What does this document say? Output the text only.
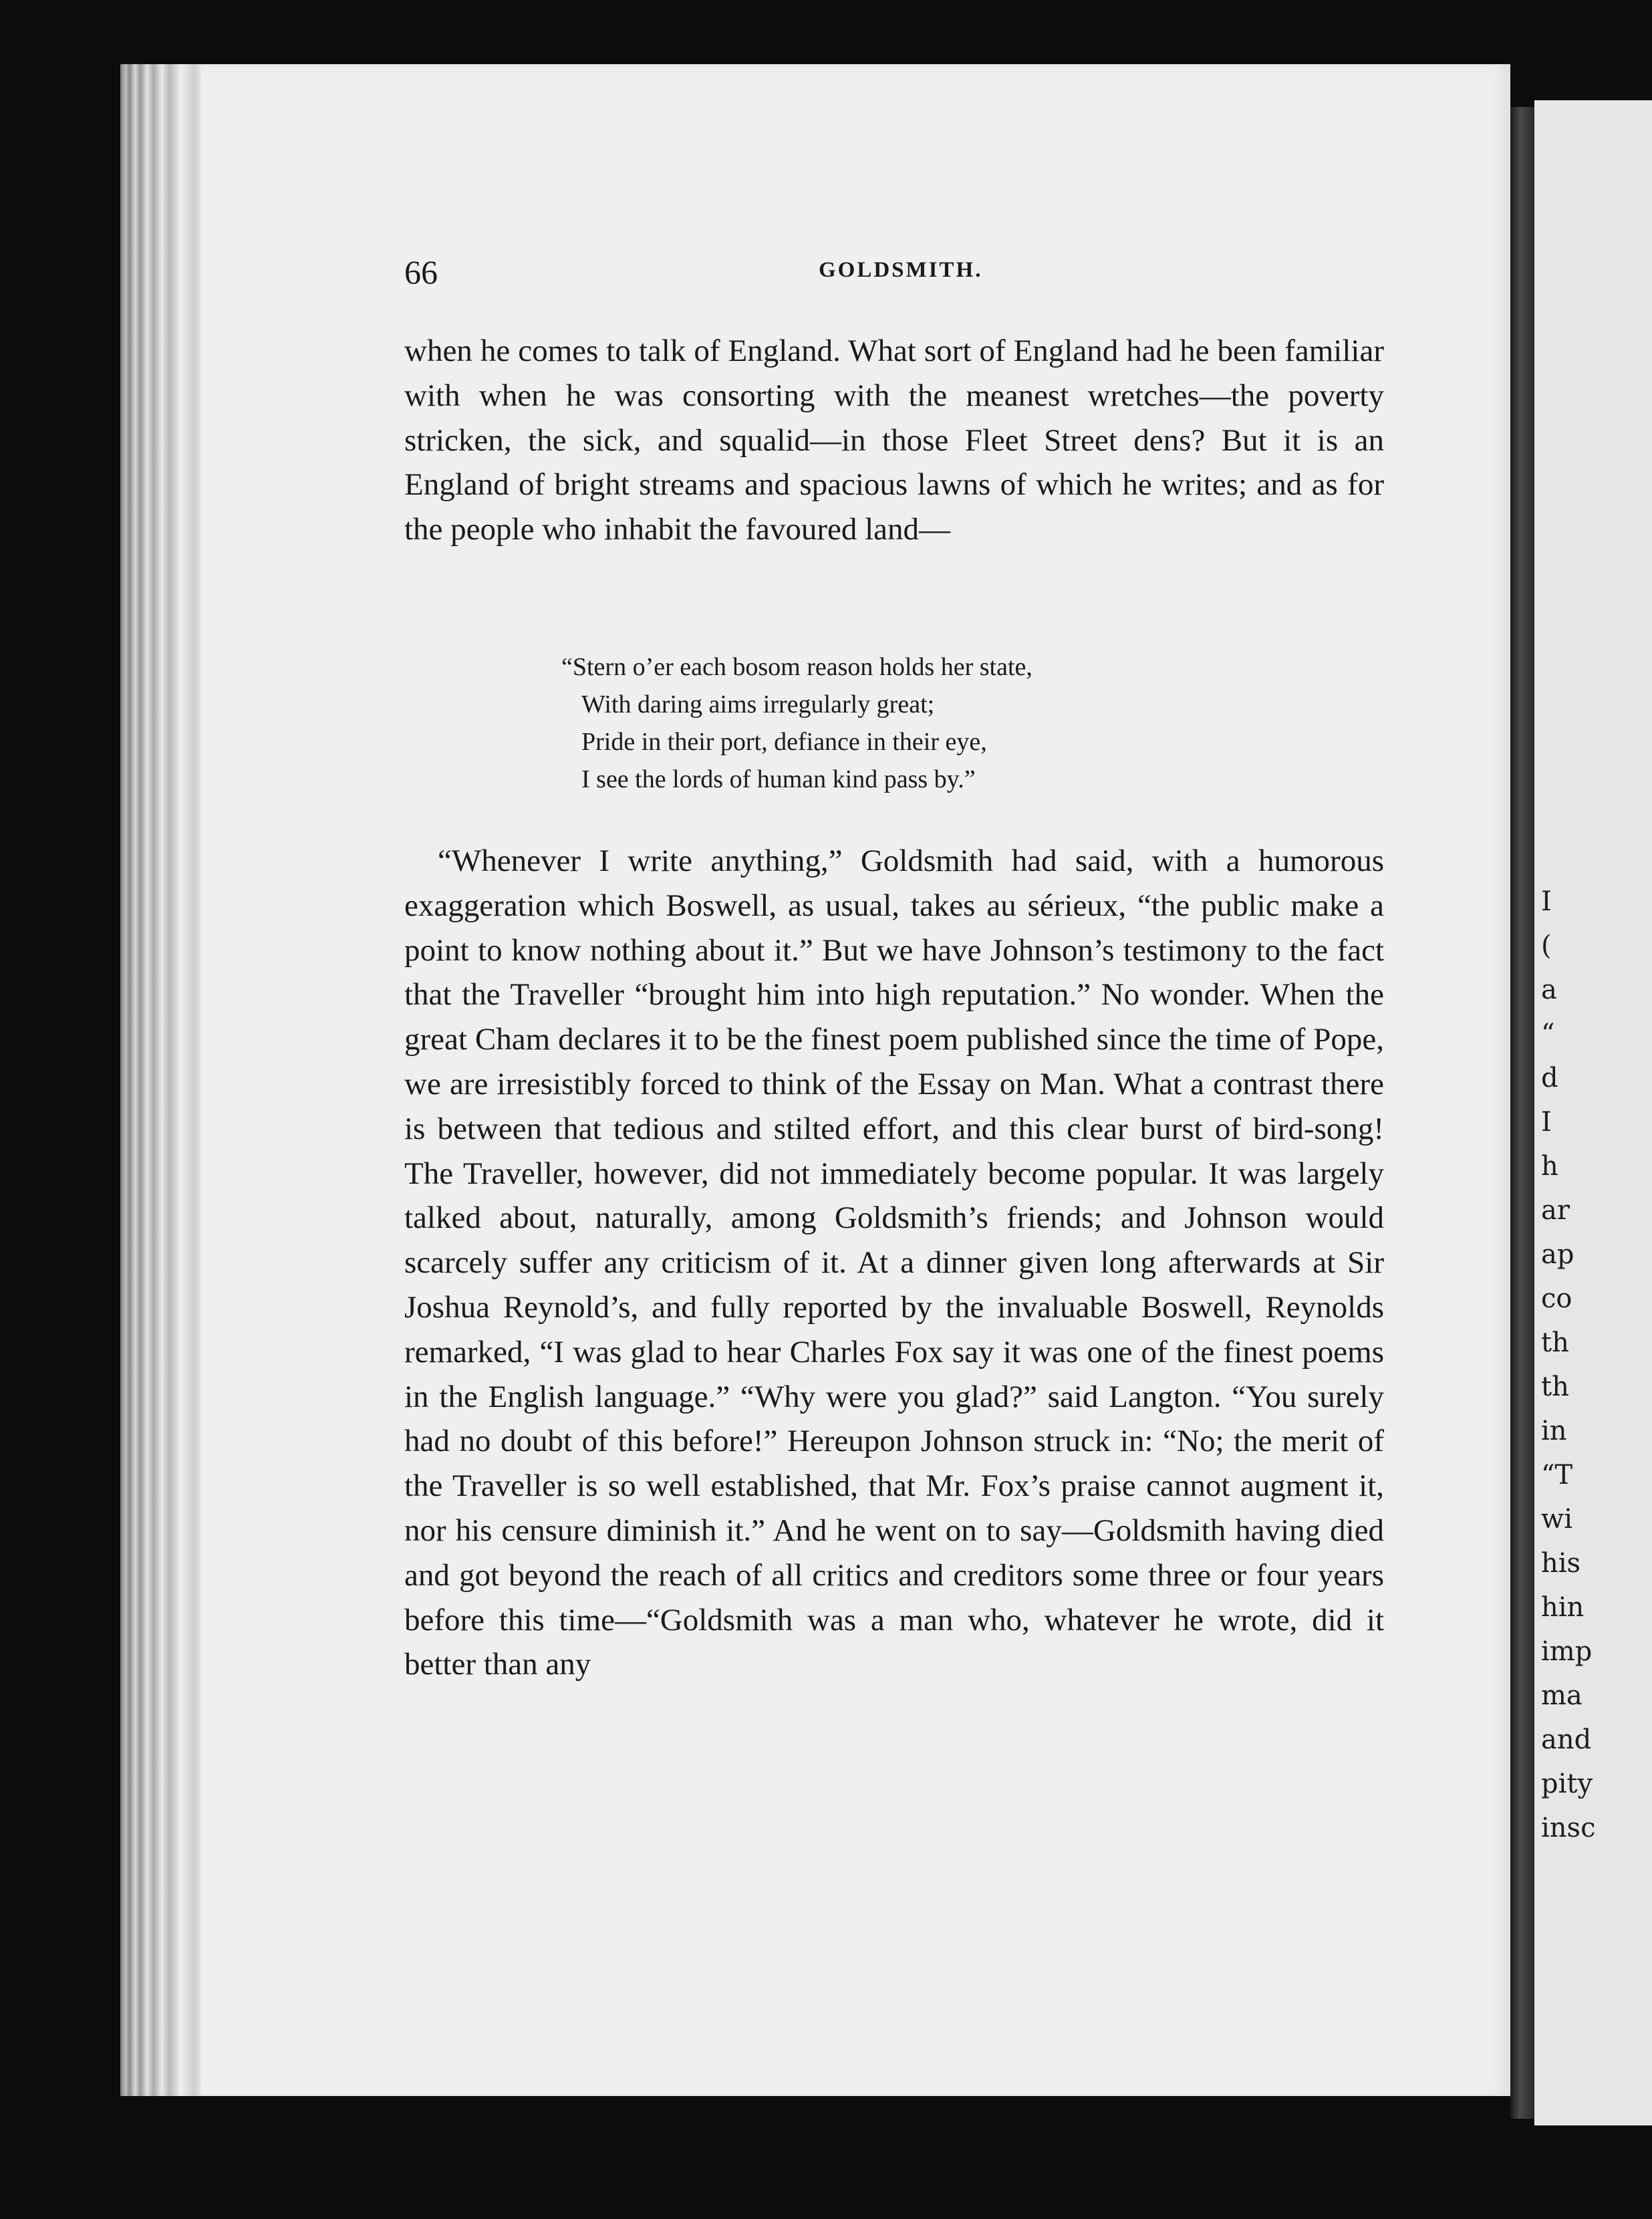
66	GOLDSMITH.
when he comes to talk of England. What sort of England had he been familiar with when he was consorting with the meanest wretches—the poverty stricken, the sick, and squalid—in those Fleet Street dens? But it is an England of bright streams and spacious lawns of which he writes; and as for the people who inhabit the favoured land—
“Stern o’er each bosom reason holds her state,
With daring aims irregularly great;
Pride in their port, defiance in their eye,
I see the lords of human kind pass by.”
“Whenever I write anything,” Goldsmith had said, with a humorous exaggeration which Boswell, as usual, takes au sérieux, “the public make a point to know nothing about it.” But we have Johnson’s testimony to the fact that the Traveller “brought him into high reputation.” No wonder. When the great Cham declares it to be the finest poem published since the time of Pope, we are irresistibly forced to think of the Essay on Man. What a contrast there is between that tedious and stilted effort, and this clear burst of bird-song! The Traveller, however, did not immediately become popular. It was largely talked about, naturally, among Goldsmith’s friends; and Johnson would scarcely suffer any criticism of it. At a dinner given long afterwards at Sir Joshua Reynold’s, and fully reported by the invaluable Boswell, Reynolds remarked, “I was glad to hear Charles Fox say it was one of the finest poems in the English language.” “Why were you glad?” said Langton. “You surely had no doubt of this before!” Hereupon Johnson struck in: “No; the merit of the Traveller is so well established, that Mr. Fox’s praise cannot augment it, nor his censure diminish it.” And he went on to say—Goldsmith having died and got beyond the reach of all critics and creditors some three or four years before this time—“Goldsmith was a man who, whatever he wrote, did it better than any
I
(
a
“
d
I
h
ar
ap
co
th
th
in
“T
wi
his
hin
imp
ma
and
pity
insc
